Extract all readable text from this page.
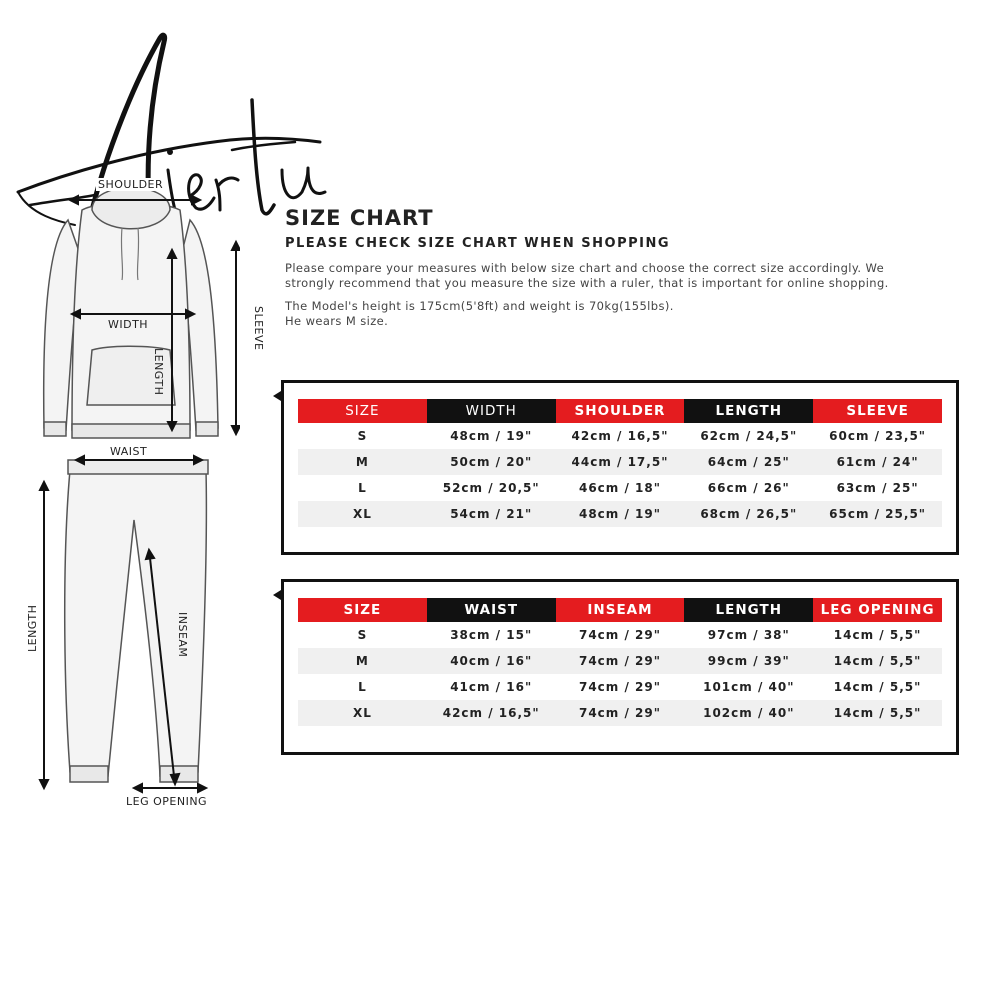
SHOULDER
WIDTH
LENGTH
SLEEVE
WAIST
LENGTH	INSEAM
LEG OPENING
SIZE CHART
PLEASE CHECK SIZE CHART WHEN SHOPPING
Please compare your measures with below size chart and choose the correct size accordingly. We
strongly recommend that you measure the size with a ruler, that is important for online shopping.
The Model's height is 175cm(5'8ft) and weight is 70kg(155lbs).
He wears M size.
SIZE	WIDTH	SHOULDER	LENGTH	SLEEVE
S	48cm / 19"	42cm / 16,5"	62cm / 24,5"	60cm / 23,5"
M	50cm / 20"	44cm / 17,5"	64cm / 25"	61cm / 24"
L	52cm / 20,5"	46cm / 18"	66cm / 26"	63cm / 25"
XL	54cm / 21"	48cm / 19"	68cm / 26,5"	65cm / 25,5"
SIZE	WAIST	INSEAM	LENGTH	LEG OPENING
S	38cm / 15"	74cm / 29"	97cm / 38"	14cm / 5,5"
M	40cm / 16"	74cm / 29"	99cm / 39"	14cm / 5,5"
L	41cm / 16"	74cm / 29"	101cm / 40"	14cm / 5,5"
XL	42cm / 16,5"	74cm / 29"	102cm / 40"	14cm / 5,5"
